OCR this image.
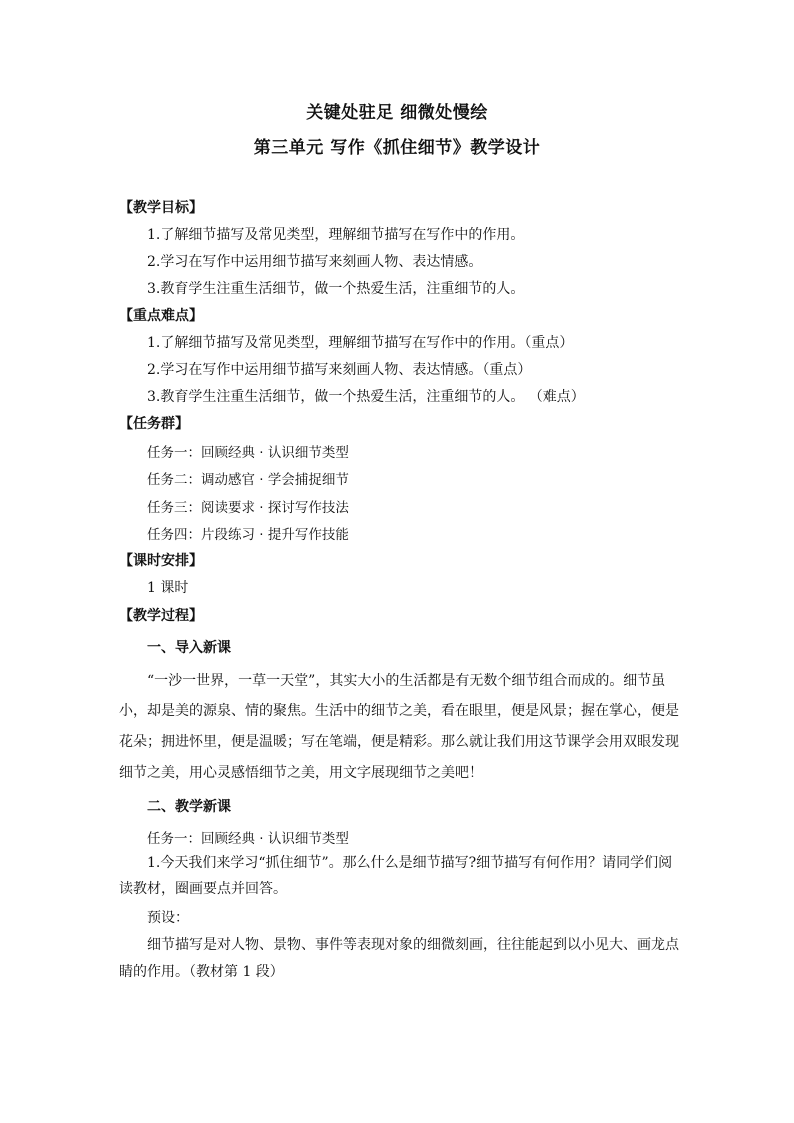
关键处驻足 细微处慢绘
第三单元 写作《抓住细节》教学设计
【教学目标】
1.了解细节描写及常见类型，理解细节描写在写作中的作用。
2.学习在写作中运用细节描写来刻画人物、表达情感。
3.教育学生注重生活细节，做一个热爱生活，注重细节的人。
【重点难点】
1.了解细节描写及常见类型，理解细节描写在写作中的作用。（重点）
2.学习在写作中运用细节描写来刻画人物、表达情感。（重点）
3.教育学生注重生活细节，做一个热爱生活，注重细节的人。 （难点）
【任务群】
任务一：回顾经典 · 认识细节类型
任务二：调动感官 · 学会捕捉细节
任务三：阅读要求 · 探讨写作技法
任务四：片段练习 · 提升写作技能
【课时安排】
1 课时
【教学过程】
一、导入新课
“一沙一世界，一草一天堂”，其实大小的生活都是有无数个细节组合而成的。细节虽
小，却是美的源泉、情的聚焦。生活中的细节之美，看在眼里，便是风景；握在掌心，便是
花朵；拥进怀里，便是温暖；写在笔端，便是精彩。那么就让我们用这节课学会用双眼发现
细节之美，用心灵感悟细节之美，用文字展现细节之美吧！
二、教学新课
任务一：回顾经典 · 认识细节类型
1.今天我们来学习“抓住细节”。那么什么是细节描写?细节描写有何作用？请同学们阅
读教材，圈画要点并回答。
预设：
细节描写是对人物、景物、事件等表现对象的细微刻画，往往能起到以小见大、画龙点
睛的作用。（教材第 1 段）
